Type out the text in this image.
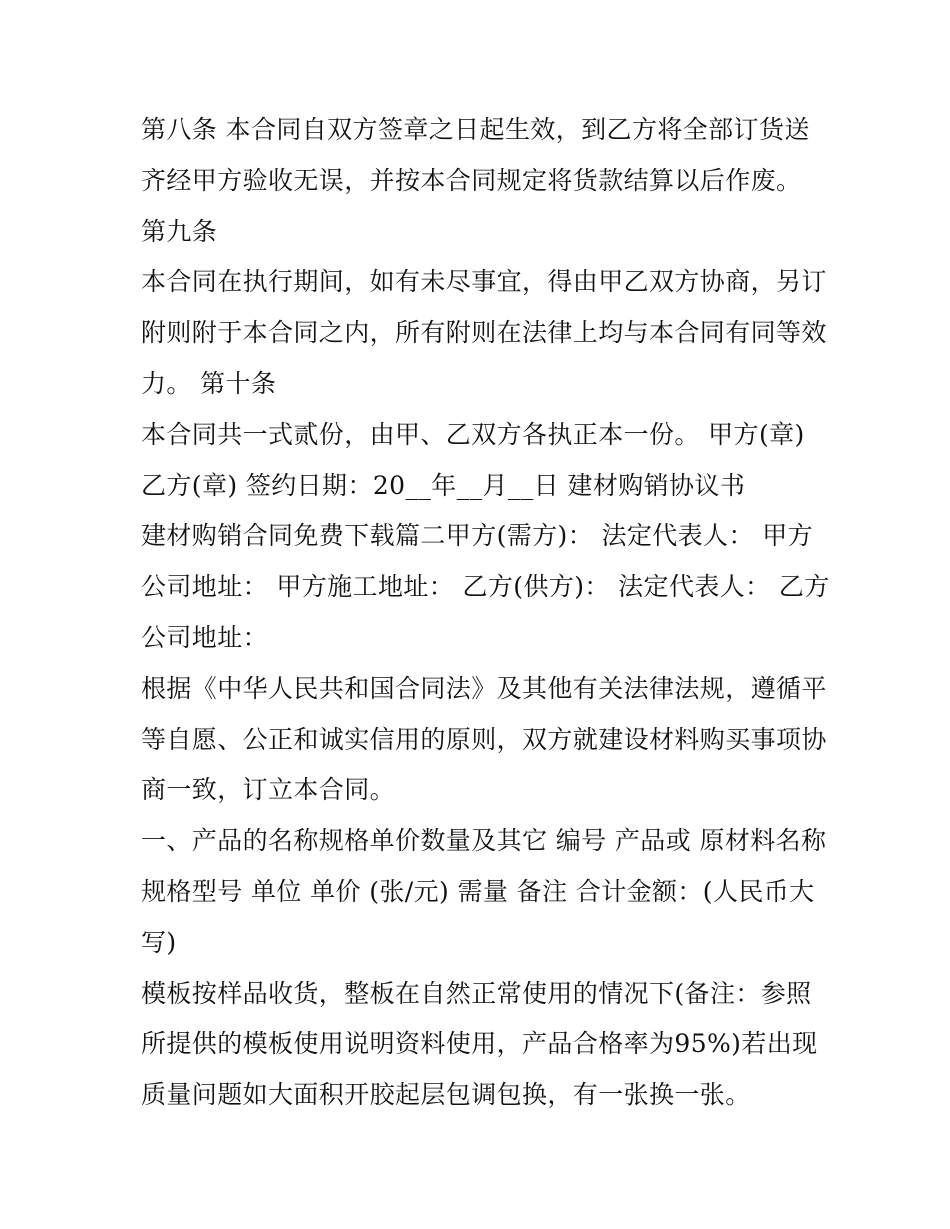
第八条 本合同自双方签章之日起生效，到乙方将全部订货送
齐经甲方验收无误，并按本合同规定将货款结算以后作废。
第九条
本合同在执行期间，如有未尽事宜，得由甲乙双方协商，另订
附则附于本合同之内，所有附则在法律上均与本合同有同等效
力。 第十条
本合同共一式贰份，由甲、乙双方各执正本一份。 甲方(章)
乙方(章) 签约日期：20__年__月__日 建材购销协议书
建材购销合同免费下载篇二甲方(需方)： 法定代表人： 甲方
公司地址： 甲方施工地址： 乙方(供方)： 法定代表人： 乙方
公司地址：
根据《中华人民共和国合同法》及其他有关法律法规，遵循平
等自愿、公正和诚实信用的原则，双方就建设材料购买事项协
商一致，订立本合同。
一、产品的名称规格单价数量及其它 编号 产品或 原材料名称
规格型号 单位 单价 (张/元) 需量 备注 合计金额：(人民币大
写)
模板按样品收货，整板在自然正常使用的情况下(备注：参照
所提供的模板使用说明资料使用，产品合格率为95%)若出现
质量问题如大面积开胶起层包调包换，有一张换一张。
